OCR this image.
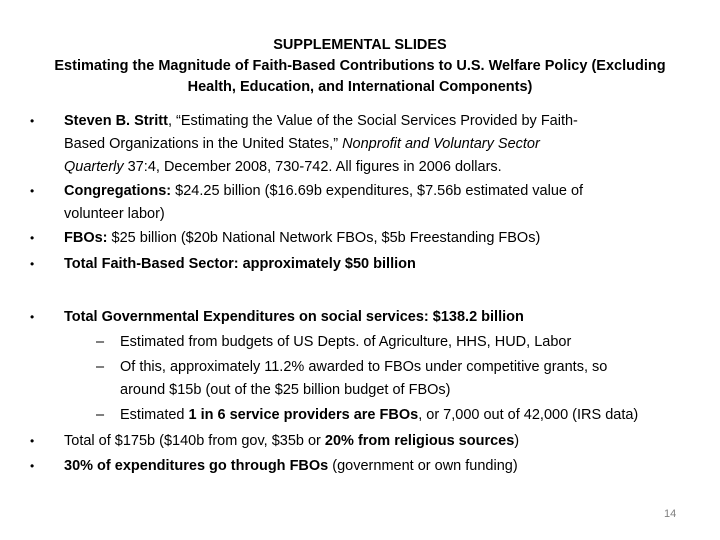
SUPPLEMENTAL SLIDES
Estimating the Magnitude of Faith-Based Contributions to U.S. Welfare Policy (Excluding
Health, Education, and International Components)
• Steven B. Stritt, “Estimating the Value of the Social Services Provided by Faith-
Based Organizations in the United States,” Nonprofit and Voluntary Sector
Quarterly 37:4, December 2008, 730-742. All figures in 2006 dollars.
• Congregations: $24.25 billion ($16.69b expenditures, $7.56b estimated value of
volunteer labor)
• FBOs: $25 billion ($20b National Network FBOs, $5b Freestanding FBOs)
• Total Faith-Based Sector: approximately $50 billion
• Total Governmental Expenditures on social services: $138.2 billion
– Estimated from budgets of US Depts. of Agriculture, HHS, HUD, Labor
– Of this, approximately 11.2% awarded to FBOs under competitive grants, so
around $15b (out of the $25 billion budget of FBOs)
– Estimated 1 in 6 service providers are FBOs, or 7,000 out of 42,000 (IRS data)
• Total of $175b ($140b from gov, $35b or 20% from religious sources)
• 30% of expenditures go through FBOs (government or own funding)
14
